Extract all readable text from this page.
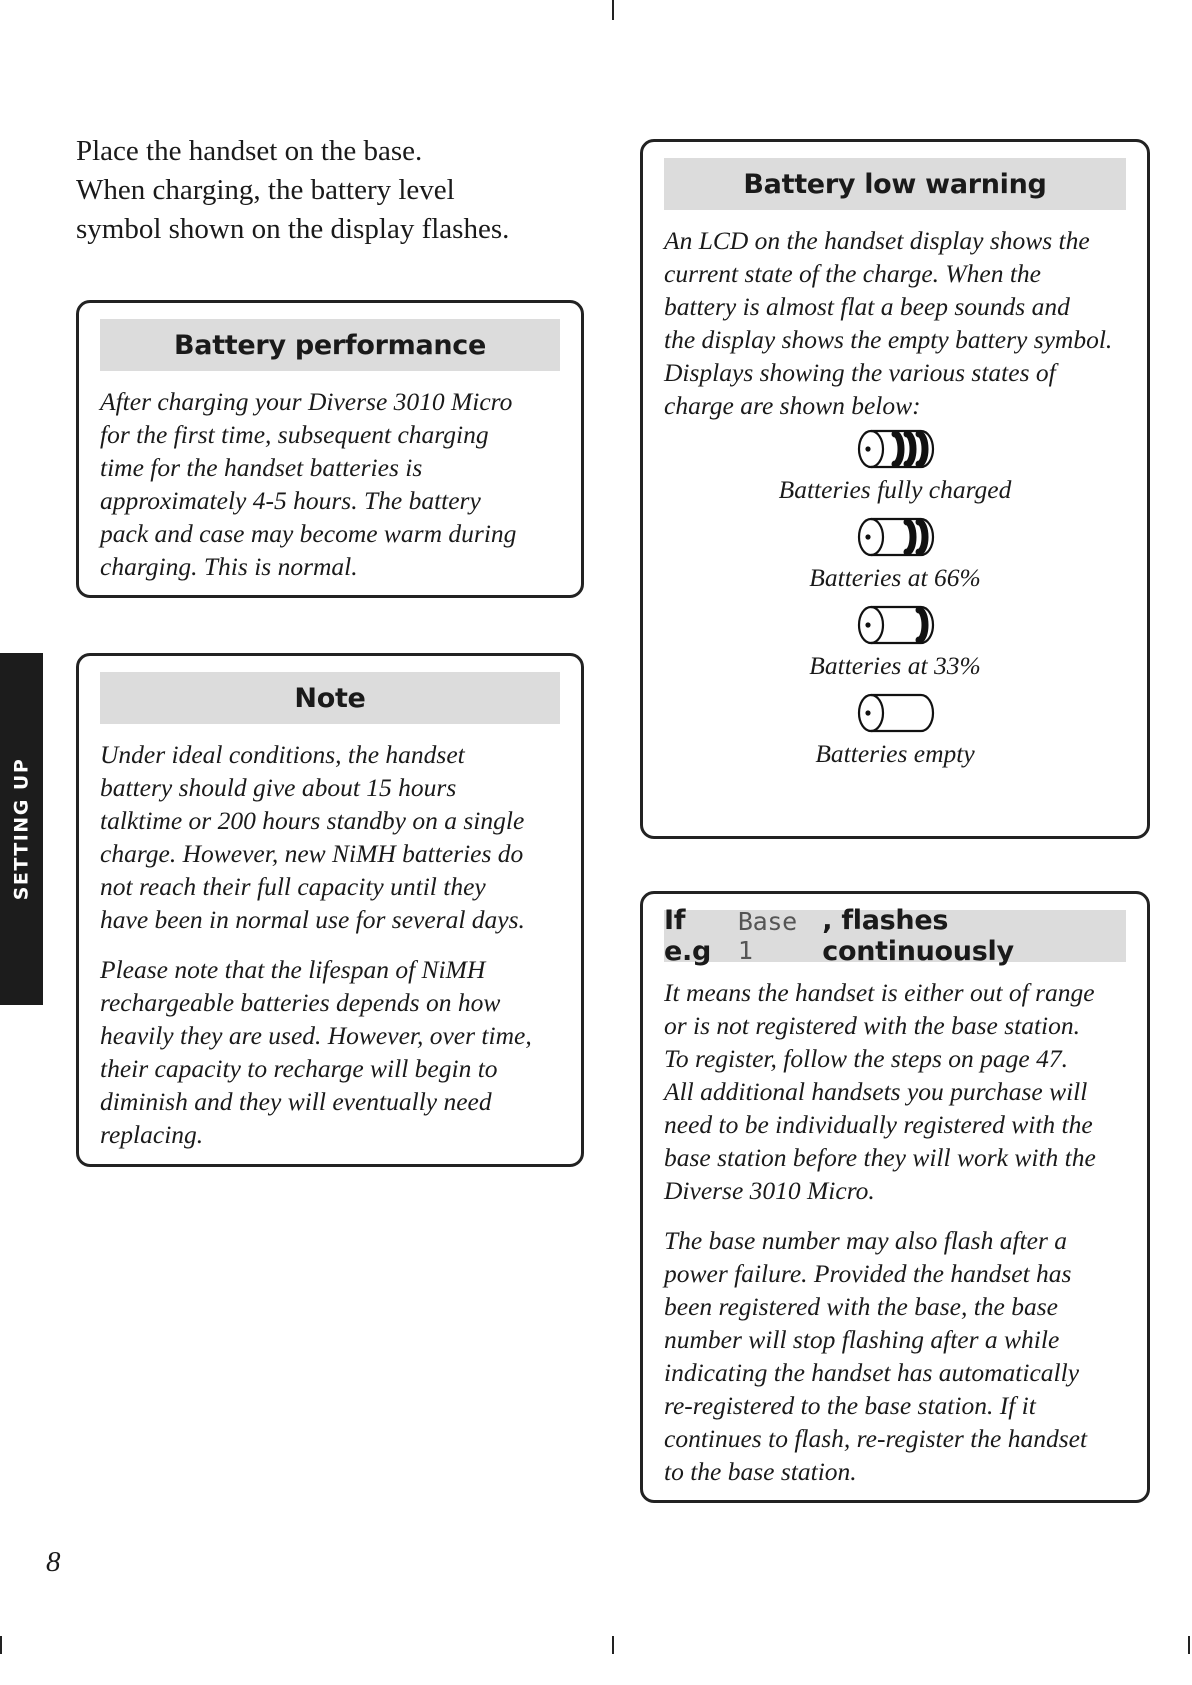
Place the handset on the base.
When charging, the battery level
symbol shown on the display flashes.
Battery performance
After charging your Diverse 3010 Micro
for the first time, subsequent charging
time for the handset batteries is
approximately 4-5 hours. The battery
pack and case may become warm during
charging. This is normal.
Note

Under ideal conditions, the handset
battery should give about 15 hours
talktime or 200 hours standby on a single
charge. However, new NiMH batteries do
not reach their full capacity until they
have been in normal use for several days.

Please note that the lifespan of NiMH
rechargeable batteries depends on how
heavily they are used. However, over time,
their capacity to recharge will begin to
diminish and they will eventually need
replacing.

Battery low warning
An LCD on the handset display shows the
current state of the charge. When the
battery is almost flat a beep sounds and
the display shows the empty battery symbol.
Displays showing the various states of
charge are shown below:
Batteries fully charged
Batteries at 66%
Batteries at 33%
Batteries empty
If e.g
Base 1
, flashes continuously

It means the handset is either out of range
or is not registered with the base station.
To register, follow the steps on page 47.
All additional handsets you purchase will
need to be individually registered with the
base station before they will work with the
Diverse 3010 Micro.

The base number may also flash after a
power failure. Provided the handset has
been registered with the base, the base
number will stop flashing after a while
indicating the handset has automatically
re-registered to the base station. If it
continues to flash, re-register the handset
to the base station.

SETTING UP
8
